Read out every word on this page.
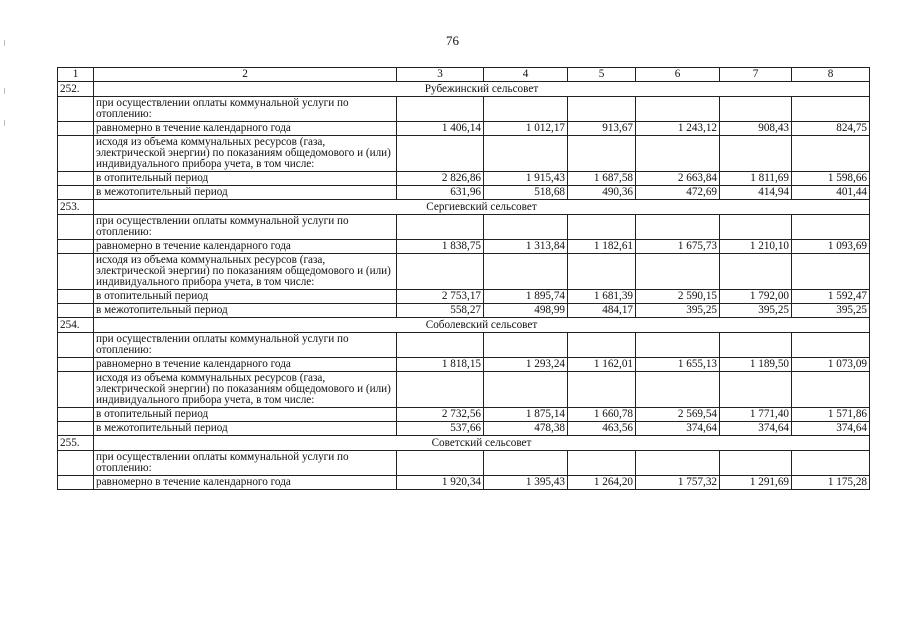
76
1	2	3	4	5	6	7	8
252.	Рубежинский сельсовет						
	при осуществлении оплаты коммунальной услуги по отоплению:						
	равномерно в течение календарного года	1 406,14	1 012,17	913,67	1 243,12	908,43	824,75
	исходя из объема коммунальных ресурсов (газа, электрической энергии) по показаниям общедомового и (или) индивидуального прибора учета, в том числе:						
	в отопительный период	2 826,86	1 915,43	1 687,58	2 663,84	1 811,69	1 598,66
	в межотопительный период	631,96	518,68	490,36	472,69	414,94	401,44
253.	Сергиевский сельсовет						
	при осуществлении оплаты коммунальной услуги по отоплению:						
	равномерно в течение календарного года	1 838,75	1 313,84	1 182,61	1 675,73	1 210,10	1 093,69
	исходя из объема коммунальных ресурсов (газа, электрической энергии) по показаниям общедомового и (или) индивидуального прибора учета, в том числе:						
	в отопительный период	2 753,17	1 895,74	1 681,39	2 590,15	1 792,00	1 592,47
	в межотопительный период	558,27	498,99	484,17	395,25	395,25	395,25
254.	Соболевский сельсовет						
	при осуществлении оплаты коммунальной услуги по отоплению:						
	равномерно в течение календарного года	1 818,15	1 293,24	1 162,01	1 655,13	1 189,50	1 073,09
	исходя из объема коммунальных ресурсов (газа, электрической энергии) по показаниям общедомового и (или) индивидуального прибора учета, в том числе:						
	в отопительный период	2 732,56	1 875,14	1 660,78	2 569,54	1 771,40	1 571,86
	в межотопительный период	537,66	478,38	463,56	374,64	374,64	374,64
255.	Советский сельсовет						
	при осуществлении оплаты коммунальной услуги по отоплению:						
	равномерно в течение календарного года	1 920,34	1 395,43	1 264,20	1 757,32	1 291,69	1 175,28
